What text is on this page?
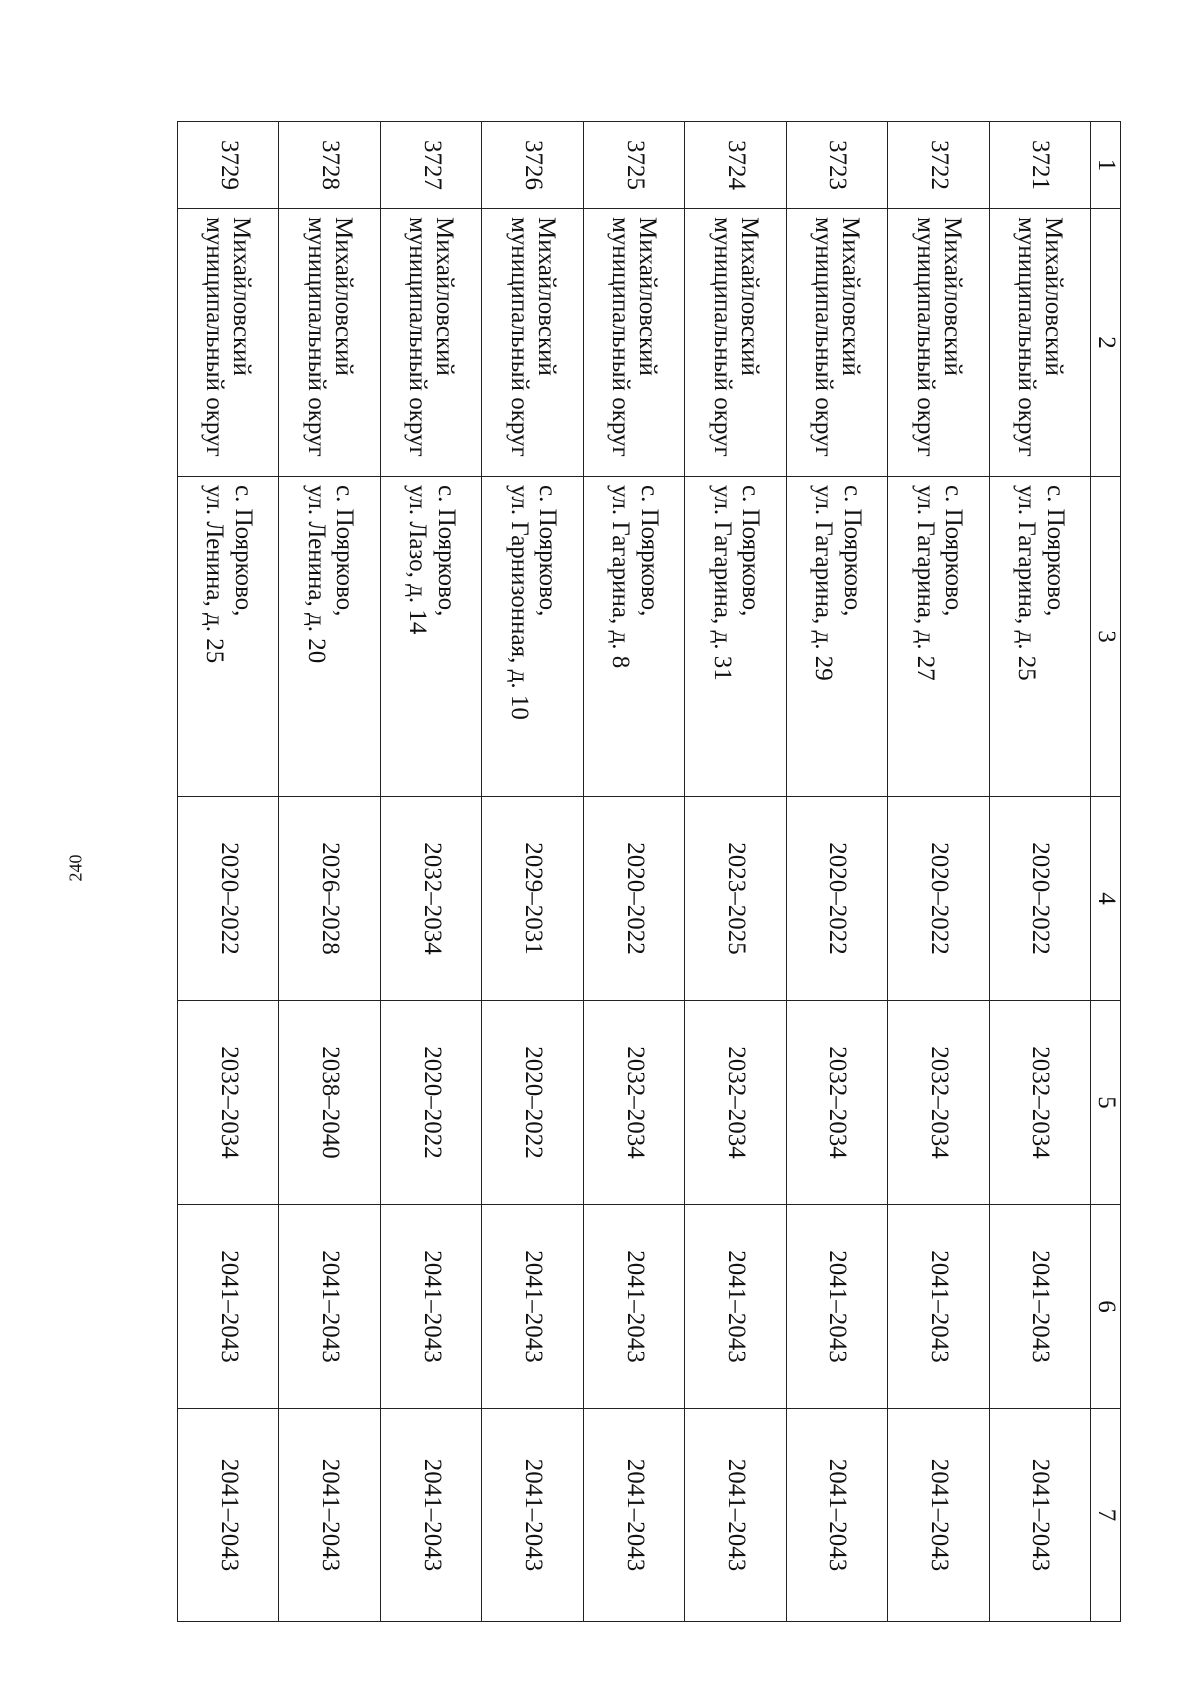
240
1	2	3	4	5	6	7
3721	Михайловский муниципальный округ	с. Поярково,
ул. Гагарина, д. 25	2020–2022	2032–2034	2041–2043	2041–2043
3722	Михайловский муниципальный округ	с. Поярково,
ул. Гагарина, д. 27	2020–2022	2032–2034	2041–2043	2041–2043
3723	Михайловский муниципальный округ	с. Поярково,
ул. Гагарина, д. 29	2020–2022	2032–2034	2041–2043	2041–2043
3724	Михайловский муниципальный округ	с. Поярково,
ул. Гагарина, д. 31	2023–2025	2032–2034	2041–2043	2041–2043
3725	Михайловский муниципальный округ	с. Поярково,
ул. Гагарина, д. 8	2020–2022	2032–2034	2041–2043	2041–2043
3726	Михайловский муниципальный округ	с. Поярково,
ул. Гарнизонная, д. 10	2029–2031	2020–2022	2041–2043	2041–2043
3727	Михайловский муниципальный округ	с. Поярково,
ул. Лазо, д. 14	2032–2034	2020–2022	2041–2043	2041–2043
3728	Михайловский муниципальный округ	с. Поярково,
ул. Ленина, д. 20	2026–2028	2038–2040	2041–2043	2041–2043
3729	Михайловский муниципальный округ	с. Поярково,
ул. Ленина, д. 25	2020–2022	2032–2034	2041–2043	2041–2043
